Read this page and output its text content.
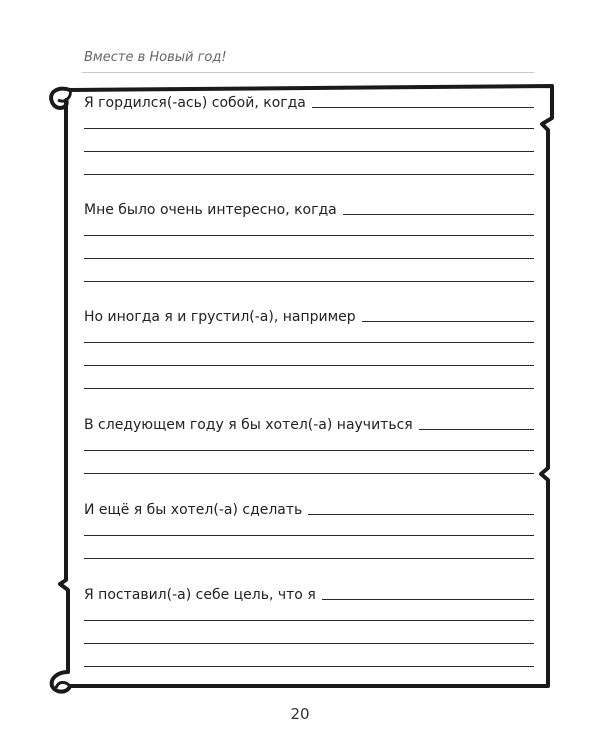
Вместе в Новый год!
Я гордился(-ась) собой, когда
Мне было очень интересно, когда
Но иногда я и грустил(-а), например
В следующем году я бы хотел(-а) научиться
И ещё я бы хотел(-а) сделать
Я поставил(-а) себе цель, что я
20
